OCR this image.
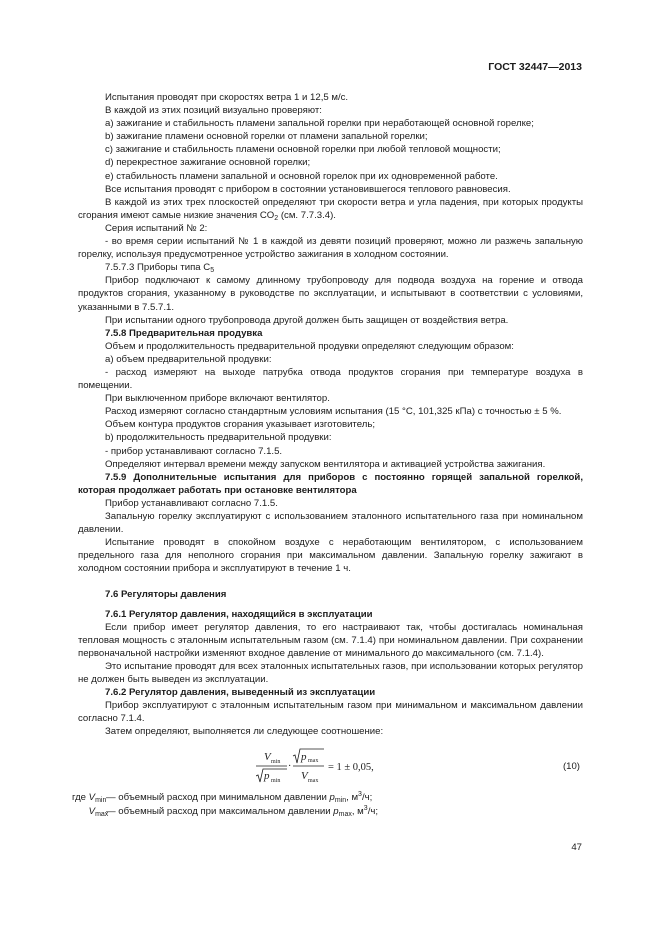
ГОСТ 32447—2013

Испытания проводят при скоростях ветра 1 и 12,5 м/с.

В каждой из этих позиций визуально проверяют:

а) зажигание и стабильность пламени запальной горелки при неработающей основной горелке;

b) зажигание пламени основной горелки от пламени запальной горелки;

c) зажигание и стабильность пламени основной горелки при любой тепловой мощности;

d) перекрестное зажигание основной горелки;

e) стабильность пламени запальной и основной горелок при их одновременной работе.

Все испытания проводят с прибором в состоянии установившегося теплового равновесия.

В каждой из этих трех плоскостей определяют три скорости ветра и угла падения, при которых продукты сгорания имеют самые низкие значения $CO_2$ (см. 7.7.3.4).

Серия испытаний № 2:

- во время серии испытаний № 1 в каждой из девяти позиций проверяют, можно ли разжечь запальную горелку, используя предусмотренное устройство зажигания в холодном состоянии.

7.5.7.3 Приборы типа $С_5$

Прибор подключают к самому длинному трубопроводу для подвода воздуха на горение и отвода продуктов сгорания, указанному в руководстве по эксплуатации, и испытывают в соответствии с условиями, указанными в 7.5.7.1.

При испытании одного трубопровода другой должен быть защищен от воздействия ветра.

7.5.8 Предварительная продувка

Объем и продолжительность предварительной продувки определяют следующим образом:

а) объем предварительной продувки:

- расход измеряют на выходе патрубка отвода продуктов сгорания при температуре воздуха в помещении.

При выключенном приборе включают вентилятор.

Расход измеряют согласно стандартным условиям испытания (15 °С, 101,325 кПа) с точностью ± 5 %.

Объем контура продуктов сгорания указывает изготовитель;

b) продолжительность предварительной продувки:

- прибор устанавливают согласно 7.1.5.

Определяют интервал времени между запуском вентилятора и активацией устройства зажигания.

7.5.9 Дополнительные испытания для приборов с постоянно горящей запальной горелкой, которая продолжает работать при остановке вентилятора

Прибор устанавливают согласно 7.1.5.

Запальную горелку эксплуатируют с использованием эталонного испытательного газа при номинальном давлении.

Испытание проводят в спокойном воздухе с неработающим вентилятором, с использованием предельного газа для неполного сгорания при максимальном давлении. Запальную горелку зажигают в холодном состоянии прибора и эксплуатируют в течение 1 ч.

7.6 Регуляторы давления

7.6.1 Регулятор давления, находящийся в эксплуатации

Если прибор имеет регулятор давления, то его настраивают так, чтобы достигалась номинальная тепловая мощность с эталонным испытательным газом (см. 7.1.4) при номинальном давлении. При сохранении первоначальной настройки изменяют входное давление от минимального до максимального (см. 7.1.4).

Это испытание проводят для всех эталонных испытательных газов, при использовании которых регулятор не должен быть выведен из эксплуатации.

7.6.2 Регулятор давления, выведенный из эксплуатации

Прибор эксплуатируют с эталонным испытательным газом при минимальном и максимальном давлении согласно 7.1.4.

Затем определяют, выполняется ли следующее соотношение:

V min
p min
·
p max
V max
= 1 ± 0,05,	(10)
где $V_{min}$ — объемный расход при минимальном давлении $p_{min}$, $м^3/ч$;
$V_{max}$
— объемный расход при максимальном давлении $p_{max}$, $м^3/ч$;
47
